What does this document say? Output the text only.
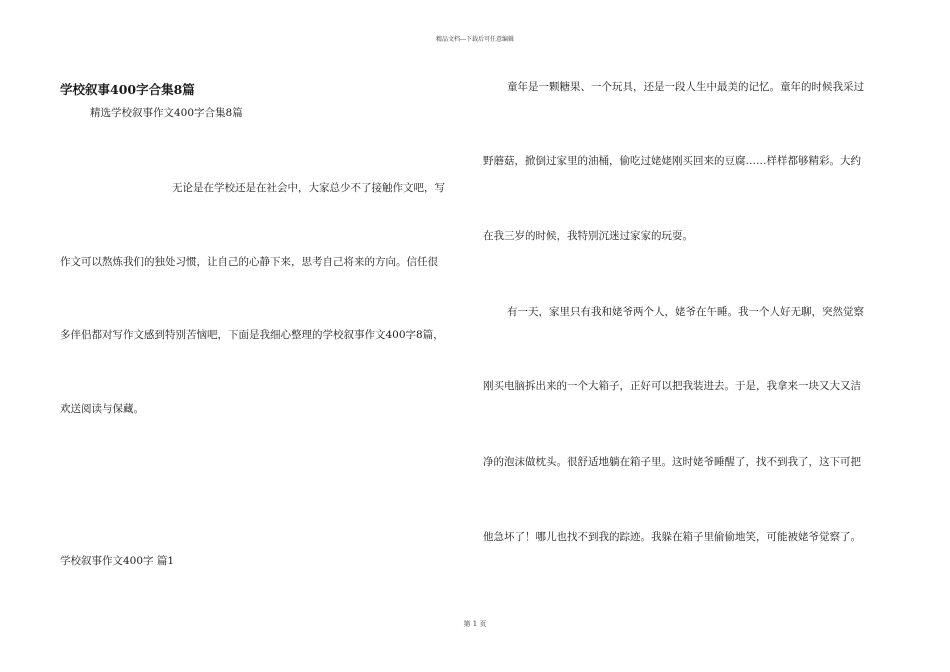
精品文档---下载后可任意编辑
学校叙事400字合集8篇
精选学校叙事作文400字合集8篇
无论是在学校还是在社会中，大家总少不了接触作文吧，写
作文可以熬炼我们的独处习惯，让自己的心静下来，思考自己将来的方向。信任很
多伴侣都对写作文感到特别苦恼吧，下面是我细心整理的学校叙事作文400字8篇，
欢送阅读与保藏。
学校叙事作文400字 篇1
童年是一颗糖果、一个玩具，还是一段人生中最美的记忆。童年的时候我采过
野蘑菇，掀倒过家里的油桶，偷吃过姥姥刚买回来的豆腐……样样都够精彩。大约
在我三岁的时候，我特别沉迷过家家的玩耍。
有一天，家里只有我和姥爷两个人，姥爷在午睡。我一个人好无聊，突然觉察
刚买电脑拆出来的一个大箱子，正好可以把我装进去。于是，我拿来一块又大又洁
净的泡沫做枕头。很舒适地躺在箱子里。这时姥爷睡醒了，找不到我了，这下可把
他急坏了！哪儿也找不到我的踪迹。我躲在箱子里偷偷地笑，可能被姥爷觉察了。
第 1 页
